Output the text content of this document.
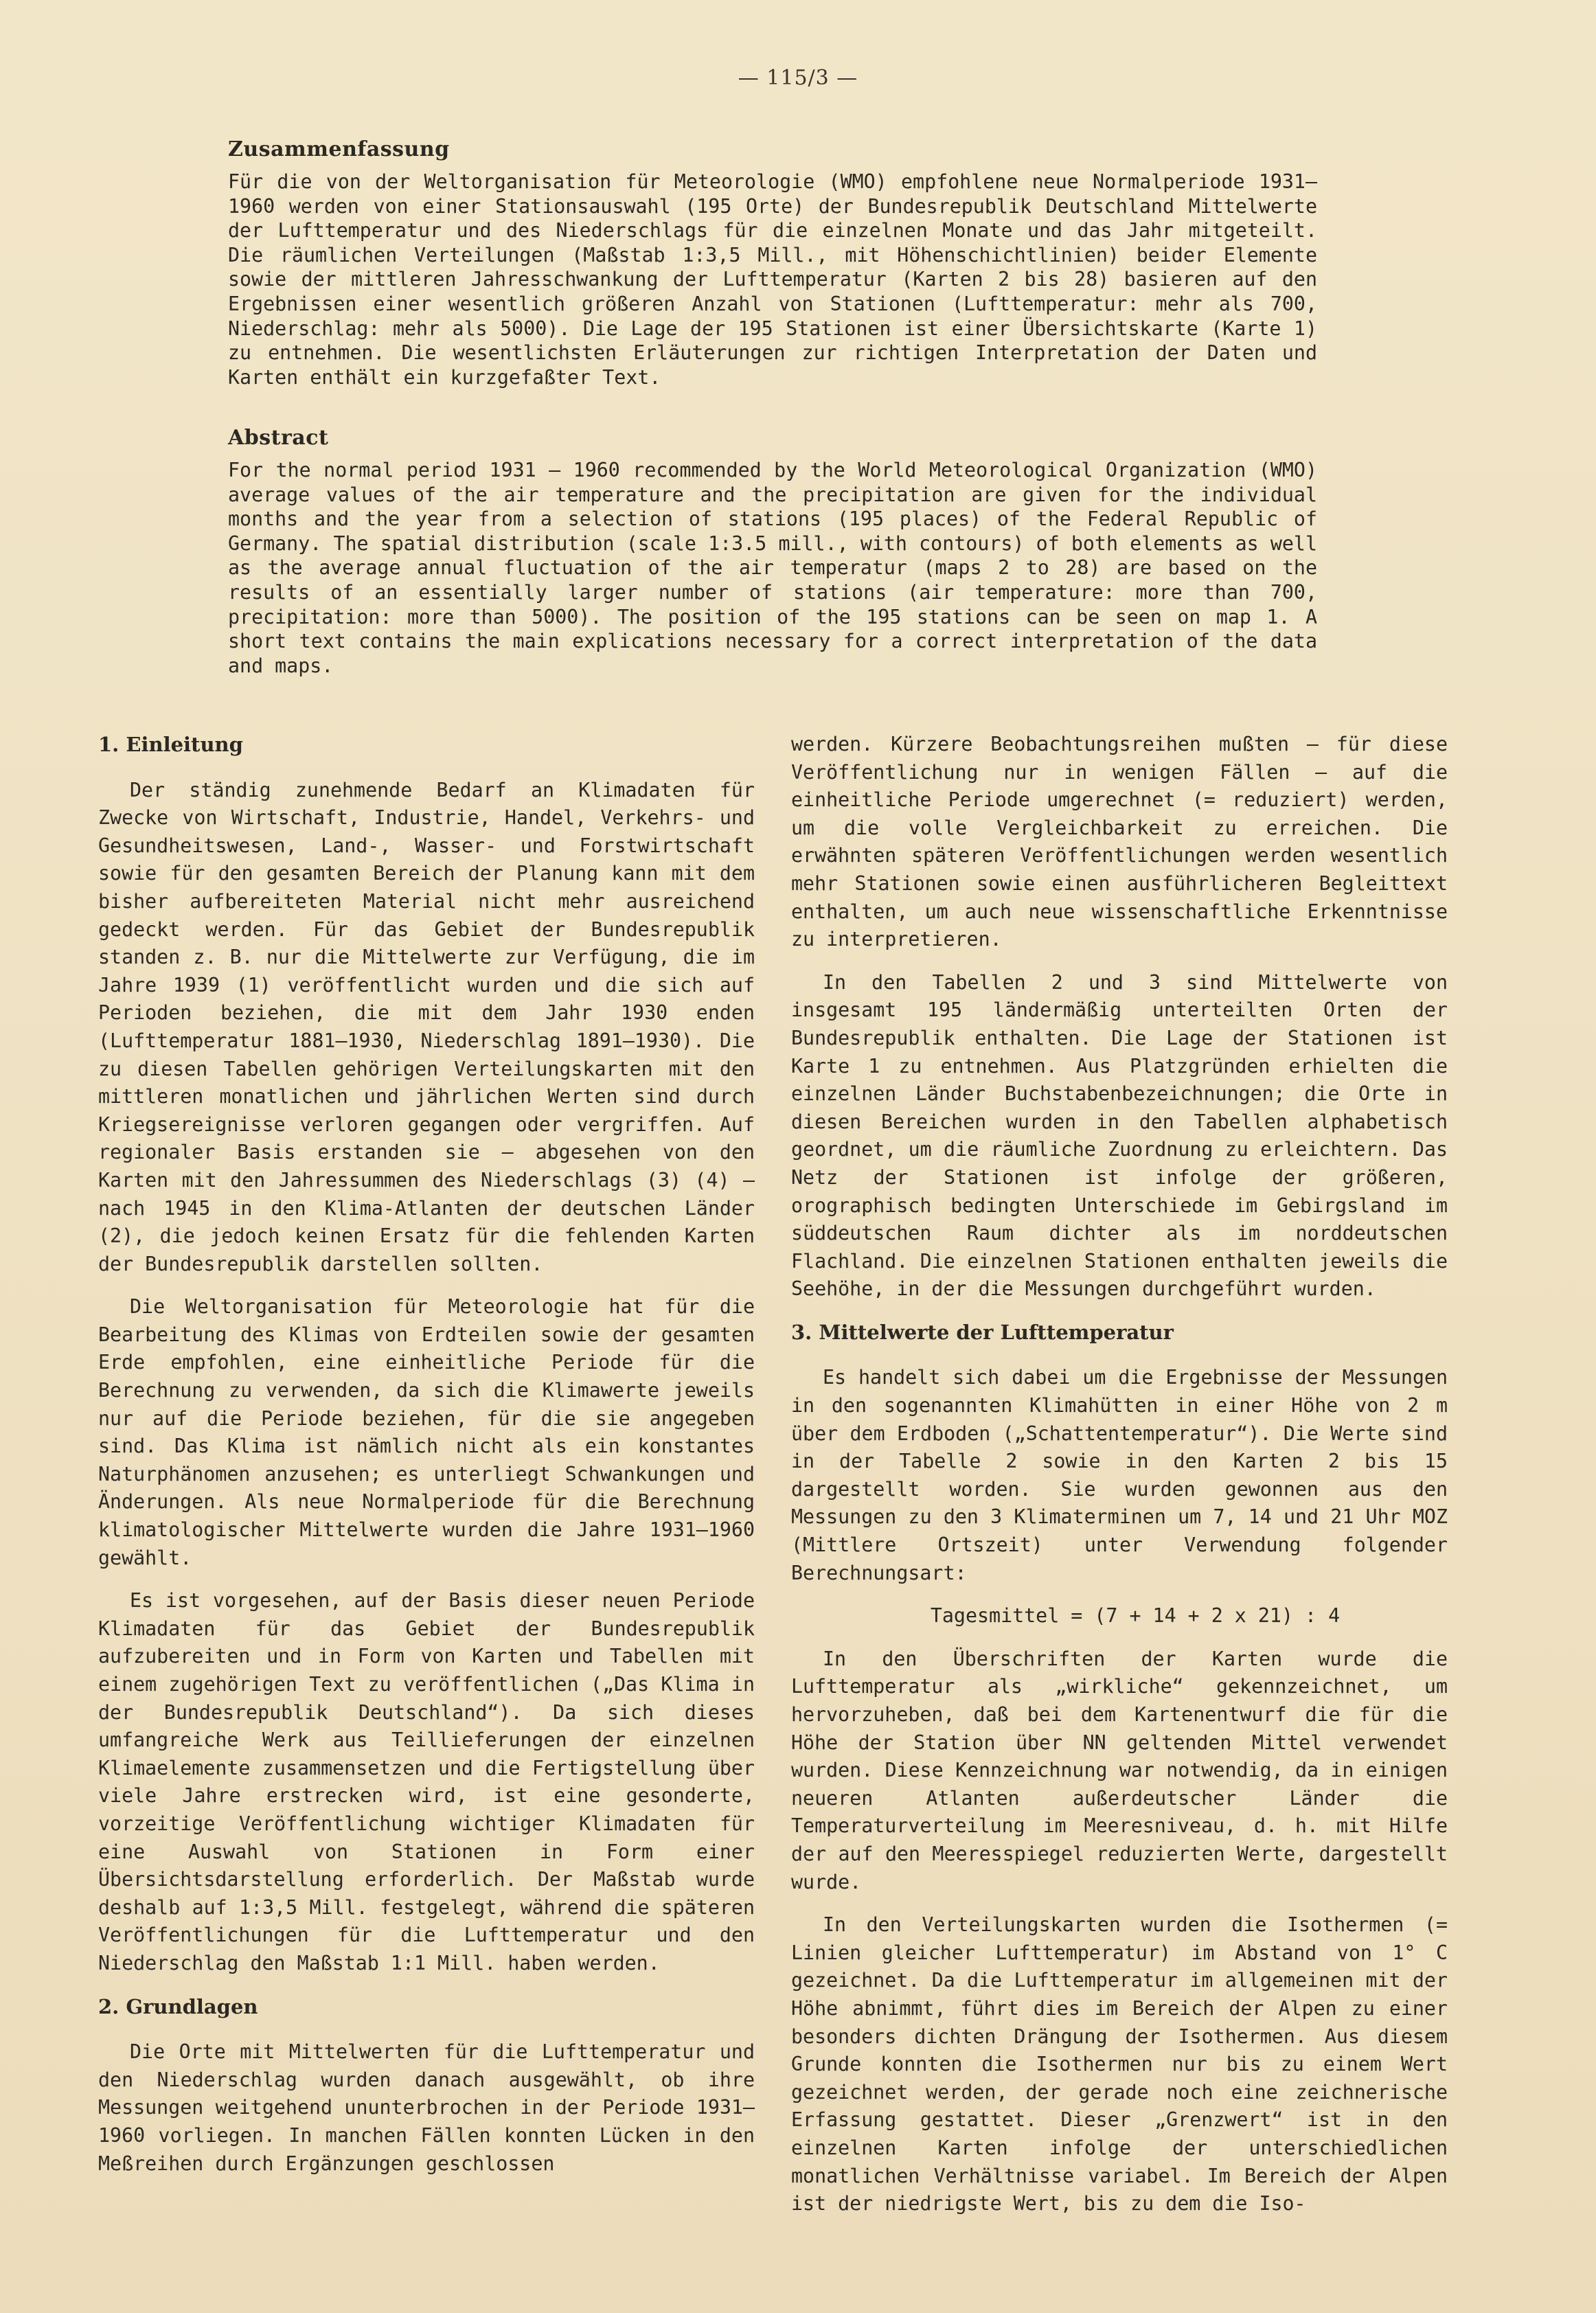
— 115/3 —
Zusammenfassung

Für die von der Weltorganisation für Meteorologie (WMO) empfohlene neue Normalperiode 1931—1960 werden von einer Stationsauswahl (195 Orte) der Bundesrepublik Deutschland Mittelwerte der Lufttemperatur und des Niederschlags für die einzelnen Monate und das Jahr mitgeteilt. Die räumlichen Verteilungen (Maßstab 1:3,5 Mill., mit Höhenschichtlinien) beider Elemente sowie der mittleren Jahresschwankung der Lufttemperatur (Karten 2 bis 28) basieren auf den Ergebnissen einer wesentlich größeren Anzahl von Stationen (Lufttemperatur: mehr als 700, Niederschlag: mehr als 5000). Die Lage der 195 Stationen ist einer Übersichtskarte (Karte 1) zu entnehmen. Die wesentlichsten Erläuterungen zur richtigen Interpretation der Daten und Karten enthält ein kurzgefaßter Text.

Abstract

For the normal period 1931 — 1960 recommended by the World Meteorological Organization (WMO) average values of the air temperature and the precipitation are given for the individual months and the year from a selection of stations (195 places) of the Federal Republic of Germany. The spatial distribution (scale 1:3.5 mill., with contours) of both elements as well as the average annual fluctuation of the air temperatur (maps 2 to 28) are based on the results of an essentially larger number of stations (air temperature: more than 700, precipitation: more than 5000). The position of the 195 stations can be seen on map 1. A short text contains the main explications necessary for a correct interpretation of the data and maps.

1. Einleitung

Der ständig zunehmende Bedarf an Klimadaten für Zwecke von Wirtschaft, Industrie, Handel, Verkehrs- und Gesundheitswesen, Land-, Wasser- und Forstwirtschaft sowie für den gesamten Bereich der Planung kann mit dem bisher aufbereiteten Material nicht mehr ausreichend gedeckt werden. Für das Gebiet der Bundesrepublik standen z. B. nur die Mittelwerte zur Verfügung, die im Jahre 1939 (1) veröffentlicht wurden und die sich auf Perioden beziehen, die mit dem Jahr 1930 enden (Lufttemperatur 1881—1930, Niederschlag 1891—1930). Die zu diesen Tabellen gehörigen Verteilungskarten mit den mittleren monatlichen und jährlichen Werten sind durch Kriegsereignisse verloren gegangen oder vergriffen. Auf regionaler Basis erstanden sie — abgesehen von den Karten mit den Jahressummen des Niederschlags (3) (4) — nach 1945 in den Klima-Atlanten der deutschen Länder (2), die jedoch keinen Ersatz für die fehlenden Karten der Bundesrepublik darstellen sollten.

Die Weltorganisation für Meteorologie hat für die Bearbeitung des Klimas von Erdteilen sowie der gesamten Erde empfohlen, eine einheitliche Periode für die Berechnung zu verwenden, da sich die Klimawerte jeweils nur auf die Periode beziehen, für die sie angegeben sind. Das Klima ist nämlich nicht als ein konstantes Naturphänomen anzusehen; es unterliegt Schwankungen und Änderungen. Als neue Normalperiode für die Berechnung klimatologischer Mittelwerte wurden die Jahre 1931—1960 gewählt.

Es ist vorgesehen, auf der Basis dieser neuen Periode Klimadaten für das Gebiet der Bundesrepublik aufzubereiten und in Form von Karten und Tabellen mit einem zugehörigen Text zu veröffentlichen („Das Klima in der Bundesrepublik Deutschland“). Da sich dieses umfangreiche Werk aus Teillieferungen der einzelnen Klimaelemente zusammensetzen und die Fertigstellung über viele Jahre erstrecken wird, ist eine gesonderte, vorzeitige Veröffentlichung wichtiger Klimadaten für eine Auswahl von Stationen in Form einer Übersichtsdarstellung erforderlich. Der Maßstab wurde deshalb auf 1:3,5 Mill. festgelegt, während die späteren Veröffentlichungen für die Lufttemperatur und den Niederschlag den Maßstab 1:1 Mill. haben werden.

2. Grundlagen

Die Orte mit Mittelwerten für die Lufttemperatur und den Niederschlag wurden danach ausgewählt, ob ihre Messungen weitgehend ununterbrochen in der Periode 1931—1960 vorliegen. In manchen Fällen konnten Lücken in den Meßreihen durch Ergänzungen geschlossen

werden. Kürzere Beobachtungsreihen mußten — für diese Veröffentlichung nur in wenigen Fällen — auf die einheitliche Periode umgerechnet (= reduziert) werden, um die volle Vergleichbarkeit zu erreichen. Die erwähnten späteren Veröffentlichungen werden wesentlich mehr Stationen sowie einen ausführlicheren Begleittext enthalten, um auch neue wissenschaftliche Erkenntnisse zu interpretieren.

In den Tabellen 2 und 3 sind Mittelwerte von insgesamt 195 ländermäßig unterteilten Orten der Bundesrepublik enthalten. Die Lage der Stationen ist Karte 1 zu entnehmen. Aus Platzgründen erhielten die einzelnen Länder Buchstabenbezeichnungen; die Orte in diesen Bereichen wurden in den Tabellen alphabetisch geordnet, um die räumliche Zuordnung zu erleichtern. Das Netz der Stationen ist infolge der größeren, orographisch bedingten Unterschiede im Gebirgsland im süddeutschen Raum dichter als im norddeutschen Flachland. Die einzelnen Stationen enthalten jeweils die Seehöhe, in der die Messungen durchgeführt wurden.

3. Mittelwerte der Lufttemperatur

Es handelt sich dabei um die Ergebnisse der Messungen in den sogenannten Klimahütten in einer Höhe von 2 m über dem Erdboden („Schattentemperatur“). Die Werte sind in der Tabelle 2 sowie in den Karten 2 bis 15 dargestellt worden. Sie wurden gewonnen aus den Messungen zu den 3 Klimaterminen um 7, 14 und 21 Uhr MOZ (Mittlere Ortszeit) unter Verwendung folgender Berechnungsart:

Tagesmittel = (7 + 14 + 2 x 21) : 4

In den Überschriften der Karten wurde die Lufttemperatur als „wirkliche“ gekennzeichnet, um hervorzuheben, daß bei dem Kartenentwurf die für die Höhe der Station über NN geltenden Mittel verwendet wurden. Diese Kennzeichnung war notwendig, da in einigen neueren Atlanten außerdeutscher Länder die Temperaturverteilung im Meeresniveau, d. h. mit Hilfe der auf den Meeresspiegel reduzierten Werte, dargestellt wurde.

In den Verteilungskarten wurden die Isothermen (= Linien gleicher Lufttemperatur) im Abstand von 1° C gezeichnet. Da die Lufttemperatur im allgemeinen mit der Höhe abnimmt, führt dies im Bereich der Alpen zu einer besonders dichten Drängung der Isothermen. Aus diesem Grunde konnten die Isothermen nur bis zu einem Wert gezeichnet werden, der gerade noch eine zeichnerische Erfassung gestattet. Dieser „Grenzwert“ ist in den einzelnen Karten infolge der unterschiedlichen monatlichen Verhältnisse variabel. Im Bereich der Alpen ist der niedrigste Wert, bis zu dem die Iso-
